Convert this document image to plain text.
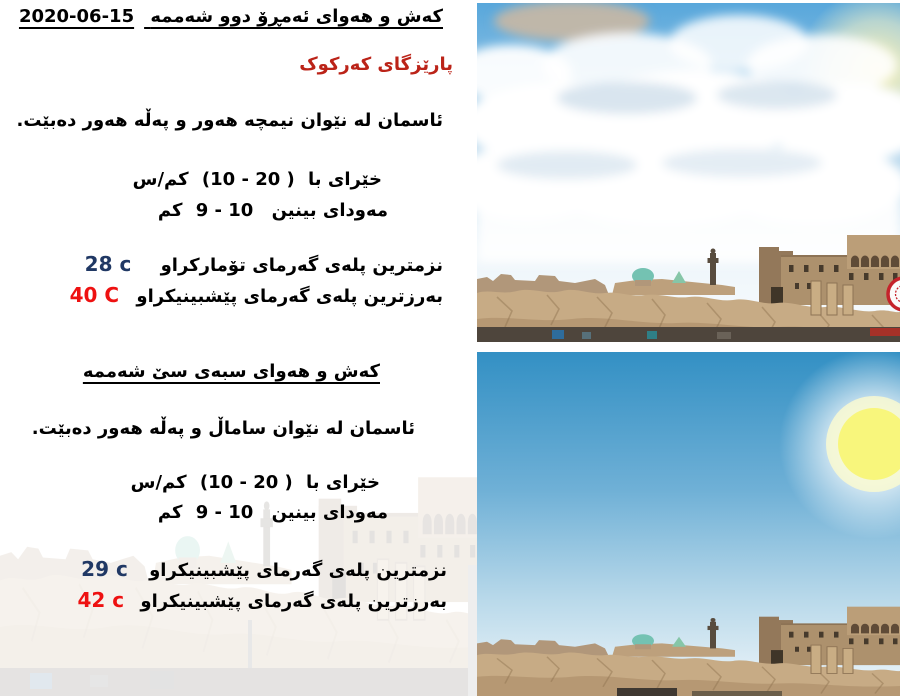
کەش و هەوای ئەمڕۆ دوو شەممە 2020-06-15
پارێزگای کەرکوک
ئاسمان لە نێوان نیمچە هەور و پەڵە هەور دەبێت.
خێرای با (10 - 20 ) کم/س
مەودای بینین 9 - 10 کم
نزمترین پلەی گەرمای تۆمارکراو 28 c
بەرزترین پلەی گەرمای پێشبینیکراو 40 C
کەش و هەوای سبەی سێ شەممە
ئاسمان لە نێوان ساماڵ و پەڵە هەور دەبێت.
خێرای با (10 - 20 ) کم/س
مەودای بینین 9 - 10 کم
نزمترین پلەی گەرمای پێشبینیکراو 29 c
بەرزترین پلەی گەرمای پێشبینیکراو 42 c
